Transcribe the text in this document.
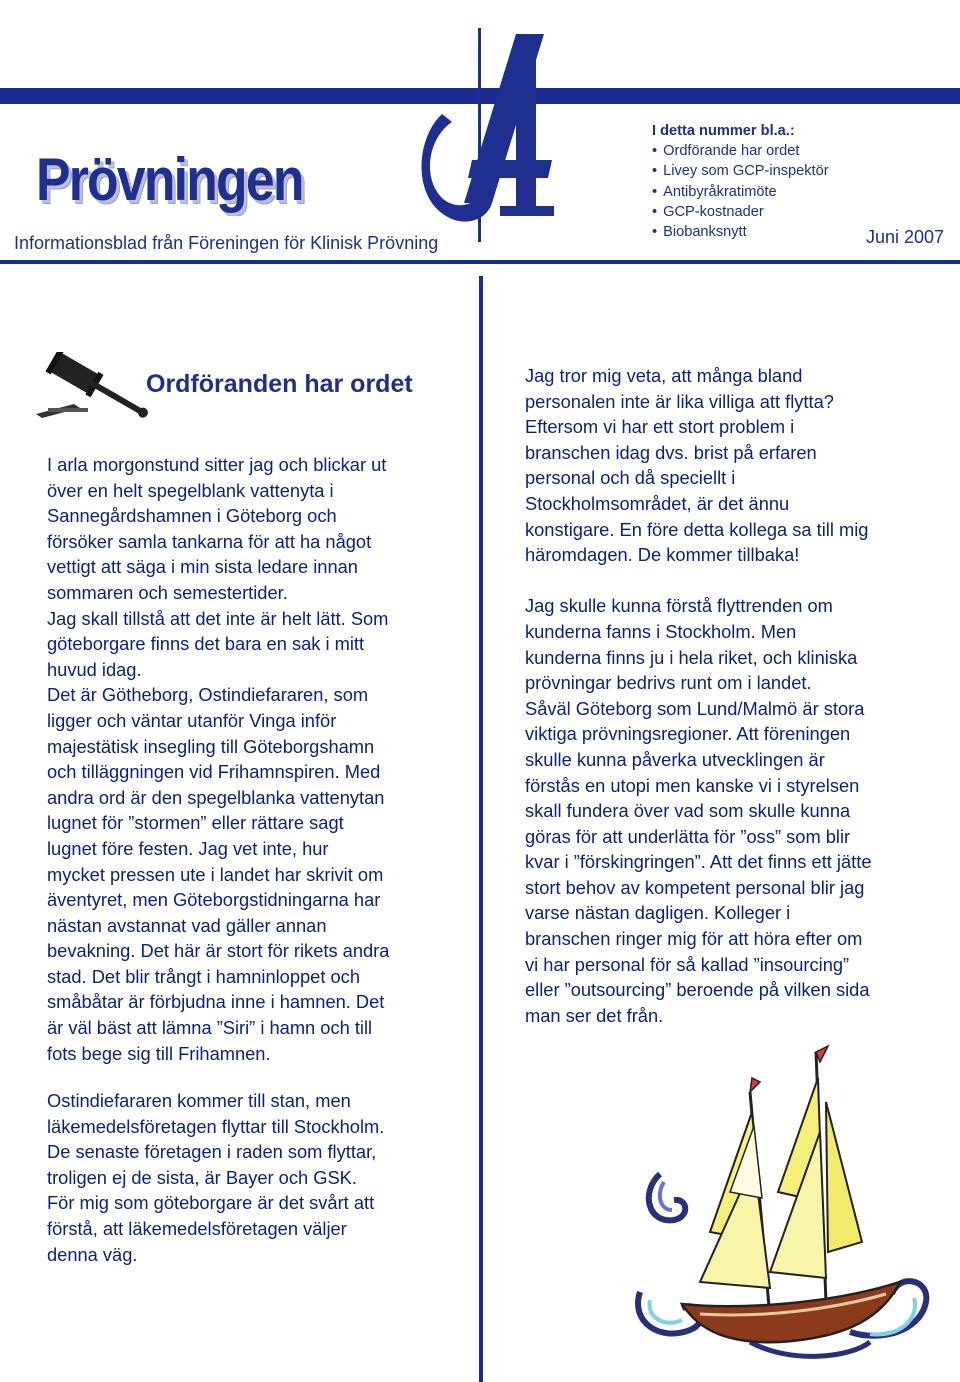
Prövningen
Informationsblad från Föreningen för Klinisk Prövning
I detta nummer bl.a.:
• Ordförande har ordet
• Livey som GCP-inspektör
• Antibyråkratimöte
• GCP-kostnader
• Biobanksnytt	Juni 2007
Ordföranden har ordet
I arla morgonstund sitter jag och blickar ut
över en helt spegelblank vattenyta i
Sannegårdshamnen i Göteborg och
försöker samla tankarna för att ha något
vettigt att säga i min sista ledare innan
sommaren och semestertider.
Jag skall tillstå att det inte är helt lätt. Som
göteborgare finns det bara en sak i mitt
huvud idag.
Det är Götheborg, Ostindiefararen, som
ligger och väntar utanför Vinga inför
majestätisk insegling till Göteborgshamn
och tilläggningen vid Frihamnspiren. Med
andra ord är den spegelblanka vattenytan
lugnet för ”stormen” eller rättare sagt
lugnet före festen. Jag vet inte, hur
mycket pressen ute i landet har skrivit om
äventyret, men Göteborgstidningarna har
nästan avstannat vad gäller annan
bevakning. Det här är stort för rikets andra
stad. Det blir trångt i hamninloppet och
småbåtar är förbjudna inne i hamnen. Det
är väl bäst att lämna ”Siri” i hamn och till
fots bege sig till Frihamnen.
Ostindiefararen kommer till stan, men
läkemedelsföretagen flyttar till Stockholm.
De senaste företagen i raden som flyttar,
troligen ej de sista, är Bayer och GSK.
För mig som göteborgare är det svårt att
förstå, att läkemedelsföretagen väljer
denna väg.
Jag tror mig veta, att många bland
personalen inte är lika villiga att flytta?
Eftersom vi har ett stort problem i
branschen idag dvs. brist på erfaren
personal och då speciellt i
Stockholmsområdet, är det ännu
konstigare. En före detta kollega sa till mig
häromdagen. De kommer tillbaka!
Jag skulle kunna förstå flyttrenden om
kunderna fanns i Stockholm. Men
kunderna finns ju i hela riket, och kliniska
prövningar bedrivs runt om i landet.
Såväl Göteborg som Lund/Malmö är stora
viktiga prövningsregioner. Att föreningen
skulle kunna påverka utvecklingen är
förstås en utopi men kanske vi i styrelsen
skall fundera över vad som skulle kunna
göras för att underlätta för ”oss” som blir
kvar i ”förskingringen”. Att det finns ett jätte
stort behov av kompetent personal blir jag
varse nästan dagligen. Kolleger i
branschen ringer mig för att höra efter om
vi har personal för så kallad ”insourcing”
eller ”outsourcing” beroende på vilken sida
man ser det från.
